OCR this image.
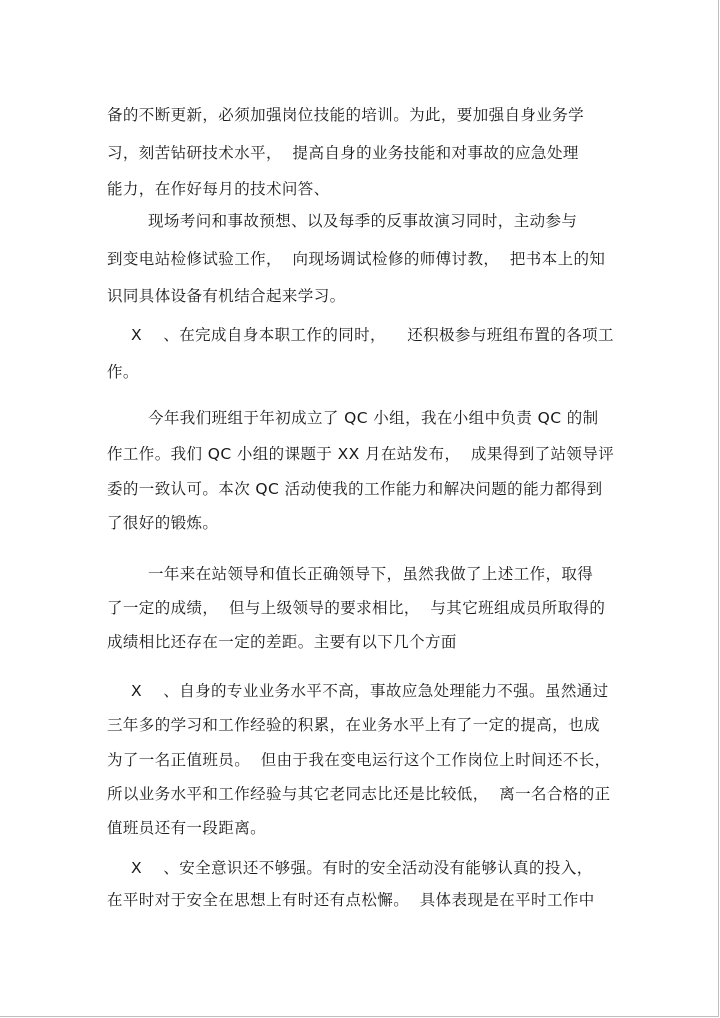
备的不断更新，必须加强岗位技能的培训。为此，要加强自身业务学
习，刻苦钻研技术水平，  提高自身的业务技能和对事故的应急处理
能力，在作好每月的技术问答、
现场考问和事故预想、以及每季的反事故演习同时，主动参与
到变电站检修试验工作，  向现场调试检修的师傅讨教，  把书本上的知
识同具体设备有机结合起来学习。
X    、在完成自身本职工作的同时，    还积极参与班组布置的各项工
作。
今年我们班组于年初成立了 QC 小组，我在小组中负责 QC 的制
作工作。我们 QC 小组的课题于 XX 月在站发布，  成果得到了站领导评
委的一致认可。本次 QC 活动使我的工作能力和解决问题的能力都得到
了很好的锻炼。
一年来在站领导和值长正确领导下，虽然我做了上述工作，取得
了一定的成绩，  但与上级领导的要求相比，  与其它班组成员所取得的
成绩相比还存在一定的差距。主要有以下几个方面
X    、自身的专业业务水平不高，事故应急处理能力不强。虽然通过
三年多的学习和工作经验的积累，在业务水平上有了一定的提高，也成
为了一名正值班员。  但由于我在变电运行这个工作岗位上时间还不长，
所以业务水平和工作经验与其它老同志比还是比较低，  离一名合格的正
值班员还有一段距离。
X    、安全意识还不够强。有时的安全活动没有能够认真的投入，
在平时对于安全在思想上有时还有点松懈。  具体表现是在平时工作中
